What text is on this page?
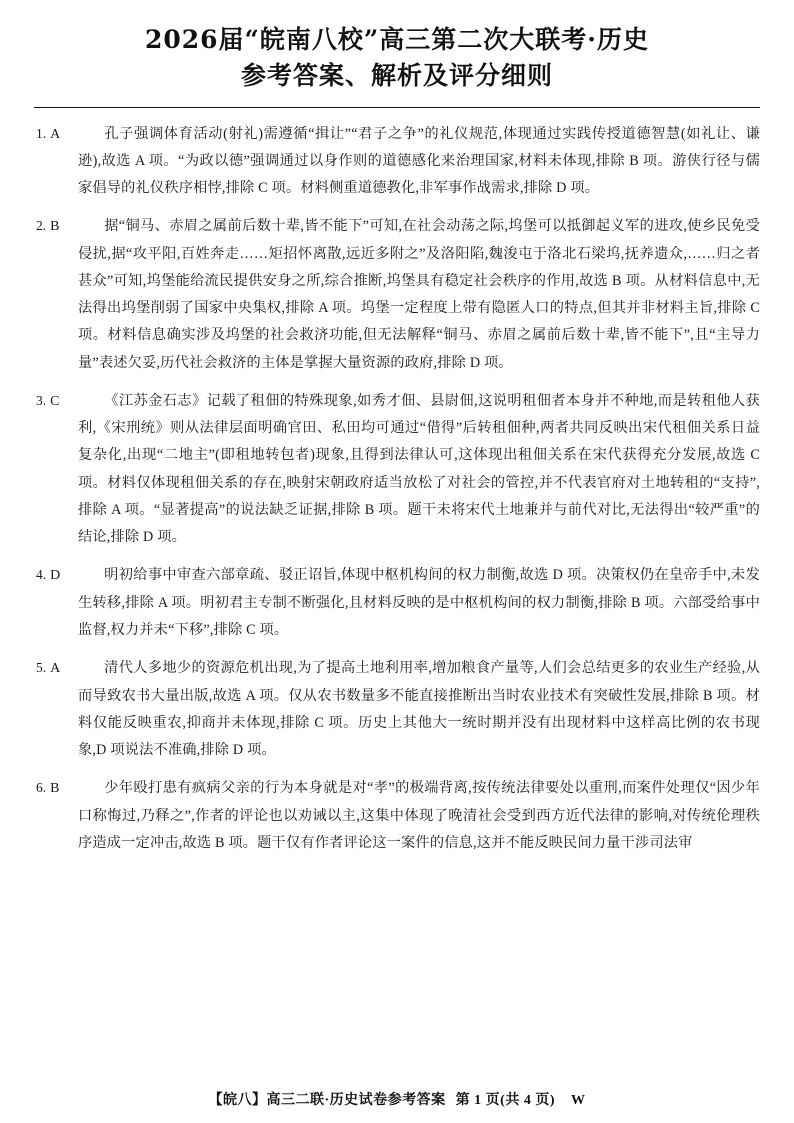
2026届“皖南八校”高三第二次大联考·历史
参考答案、解析及评分细则
1. A	孔子强调体育活动(射礼)需遵循“揖让”“君子之争”的礼仪规范,体现通过实践传授道德智慧(如礼让、谦逊),故选 A 项。“为政以德”强调通过以身作则的道德感化来治理国家,材料未体现,排除 B 项。游侠行径与儒家倡导的礼仪秩序相悖,排除 C 项。材料侧重道德教化,非军事作战需求,排除 D 项。
2. B	据“铜马、赤眉之属前后数十辈,皆不能下”可知,在社会动荡之际,坞堡可以抵御起义军的进攻,使乡民免受侵扰,据“攻平阳,百姓奔走……矩招怀离散,远近多附之”及洛阳陷,魏浚屯于洛北石梁坞,抚养遗众,……归之者甚众”可知,坞堡能给流民提供安身之所,综合推断,坞堡具有稳定社会秩序的作用,故选 B 项。从材料信息中,无法得出坞堡削弱了国家中央集权,排除 A 项。坞堡一定程度上带有隐匿人口的特点,但其并非材料主旨,排除 C 项。材料信息确实涉及坞堡的社会救济功能,但无法解释“铜马、赤眉之属前后数十辈,皆不能下”,且“主导力量”表述欠妥,历代社会救济的主体是掌握大量资源的政府,排除 D 项。
3. C	《江苏金石志》记载了租佃的特殊现象,如秀才佃、县尉佃,这说明租佃者本身并不种地,而是转租他人获利,《宋刑统》则从法律层面明确官田、私田均可通过“借得”后转租佃种,两者共同反映出宋代租佃关系日益复杂化,出现“二地主”(即租地转包者)现象,且得到法律认可,这体现出租佃关系在宋代获得充分发展,故选 C 项。材料仅体现租佃关系的存在,映射宋朝政府适当放松了对社会的管控,并不代表官府对土地转租的“支持”,排除 A 项。“显著提高”的说法缺乏证据,排除 B 项。题干未将宋代土地兼并与前代对比,无法得出“较严重”的结论,排除 D 项。
4. D	明初给事中审查六部章疏、驳正诏旨,体现中枢机构间的权力制衡,故选 D 项。决策权仍在皇帝手中,未发生转移,排除 A 项。明初君主专制不断强化,且材料反映的是中枢机构间的权力制衡,排除 B 项。六部受给事中监督,权力并未“下移”,排除 C 项。
5. A	清代人多地少的资源危机出现,为了提高土地利用率,增加粮食产量等,人们会总结更多的农业生产经验,从而导致农书大量出版,故选 A 项。仅从农书数量多不能直接推断出当时农业技术有突破性发展,排除 B 项。材料仅能反映重农,抑商并未体现,排除 C 项。历史上其他大一统时期并没有出现材料中这样高比例的农书现象,D 项说法不准确,排除 D 项。
6. B	少年殴打患有疯病父亲的行为本身就是对“孝”的极端背离,按传统法律要处以重刑,而案件处理仅“因少年口称悔过,乃释之”,作者的评论也以劝诫以主,这集中体现了晚清社会受到西方近代法律的影响,对传统伦理秩序造成一定冲击,故选 B 项。题干仅有作者评论这一案件的信息,这并不能反映民间力量干涉司法审
【皖八】高三二联·历史试卷参考答案 第 1 页(共 4 页) W
